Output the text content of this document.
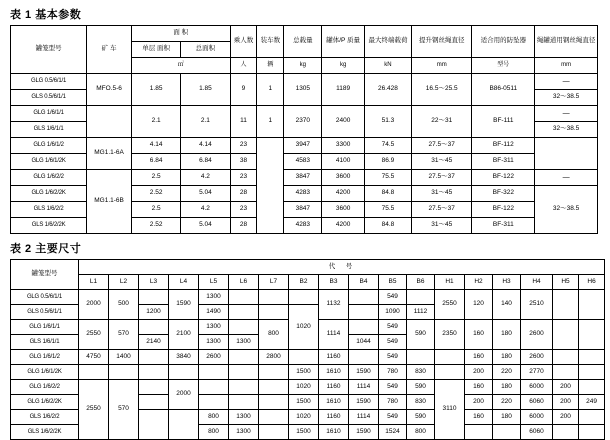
表 1 基本参数
罐笼型号	矿 车	面 积		乘人数	装车数	总载量	罐体/P 质量	最大终端载荷	提升钢丝绳直径	适合用的防坠器	绳罐道用钢丝绳直径
		单层 面积	总面积								
		㎡		人	辆	kg	kg	kN	mm	型号	mm
GLG 0.5/6/1/1	MFO.5-6	1.85	1.85	9	1	1305	1189	26.428	16.5～25.5	B86-0511	—
GLS 0.5/6/1/1											32～38.5
GLG 1/6/1/1		2.1	2.1	11	1	2370	2400	51.3	22～31	BF-111	—
GLS 1/6/1/1											32～38.5
GLG 1/6/1/2	MG1.1-6A	4.14	4.14	23		3947	3300	74.5	27.5～37	BF-112	
GLG 1/6/1/2K		6.84	6.84	38		4583	4100	86.9	31～45	BF-311	
GLG 1/6/2/2	MG1.1-6B	2.5	4.2	23		3847	3600	75.5	27.5～37	BF-122	—
GLG 1/6/2/2K		2.52	5.04	28		4283	4200	84.8	31～45	BF-322	32～38.5
GLS 1/6/2/2		2.5	4.2	23		3847	3600	75.5	27.5～37	BF-122	
GLS 1/6/2/2K		2.52	5.04	28		4283	4200	84.8	31～45	BF-311	
表 2 主要尺寸
罐笼型号	代　号																	
	L1	L2	L3	L4	L5	L6	L7	B2	B3	B4	B5	B6	H1	H2	H3	H4	H5	H6
GLG 0.5/6/1/1	2000	500		1590	1300				1132		549		2550	120	140	2510		
GLS 0.5/6/1/1			1200		1490			1020			1090	1112						
GLG 1/6/1/1	2550	570		2100	1300		800		1114		549	590	2350	160	180	2600		
GLS 1/6/1/1			2140		1300	1300				1044	549							
GLG 1/6/1/2	4750	1400		3840	2600		2800		1160		549			160	180	2600		
GLG 1/6/1/2K								1500	1610	1590	780	830		200	220	2770		
GLG 1/6/2/2	2550	570		2000				1020	1160	1114	549	590	3110	160	180	6000	200	
GLG 1/6/2/2K								1500	1610	1590	780	830		200	220	6060	200	249
GLS 1/6/2/2					800	1300		1020	1160	1114	549	590		160	180	6000	200	
GLS 1/6/2/2K					800	1300		1500	1610	1590	1524	800				6060		
